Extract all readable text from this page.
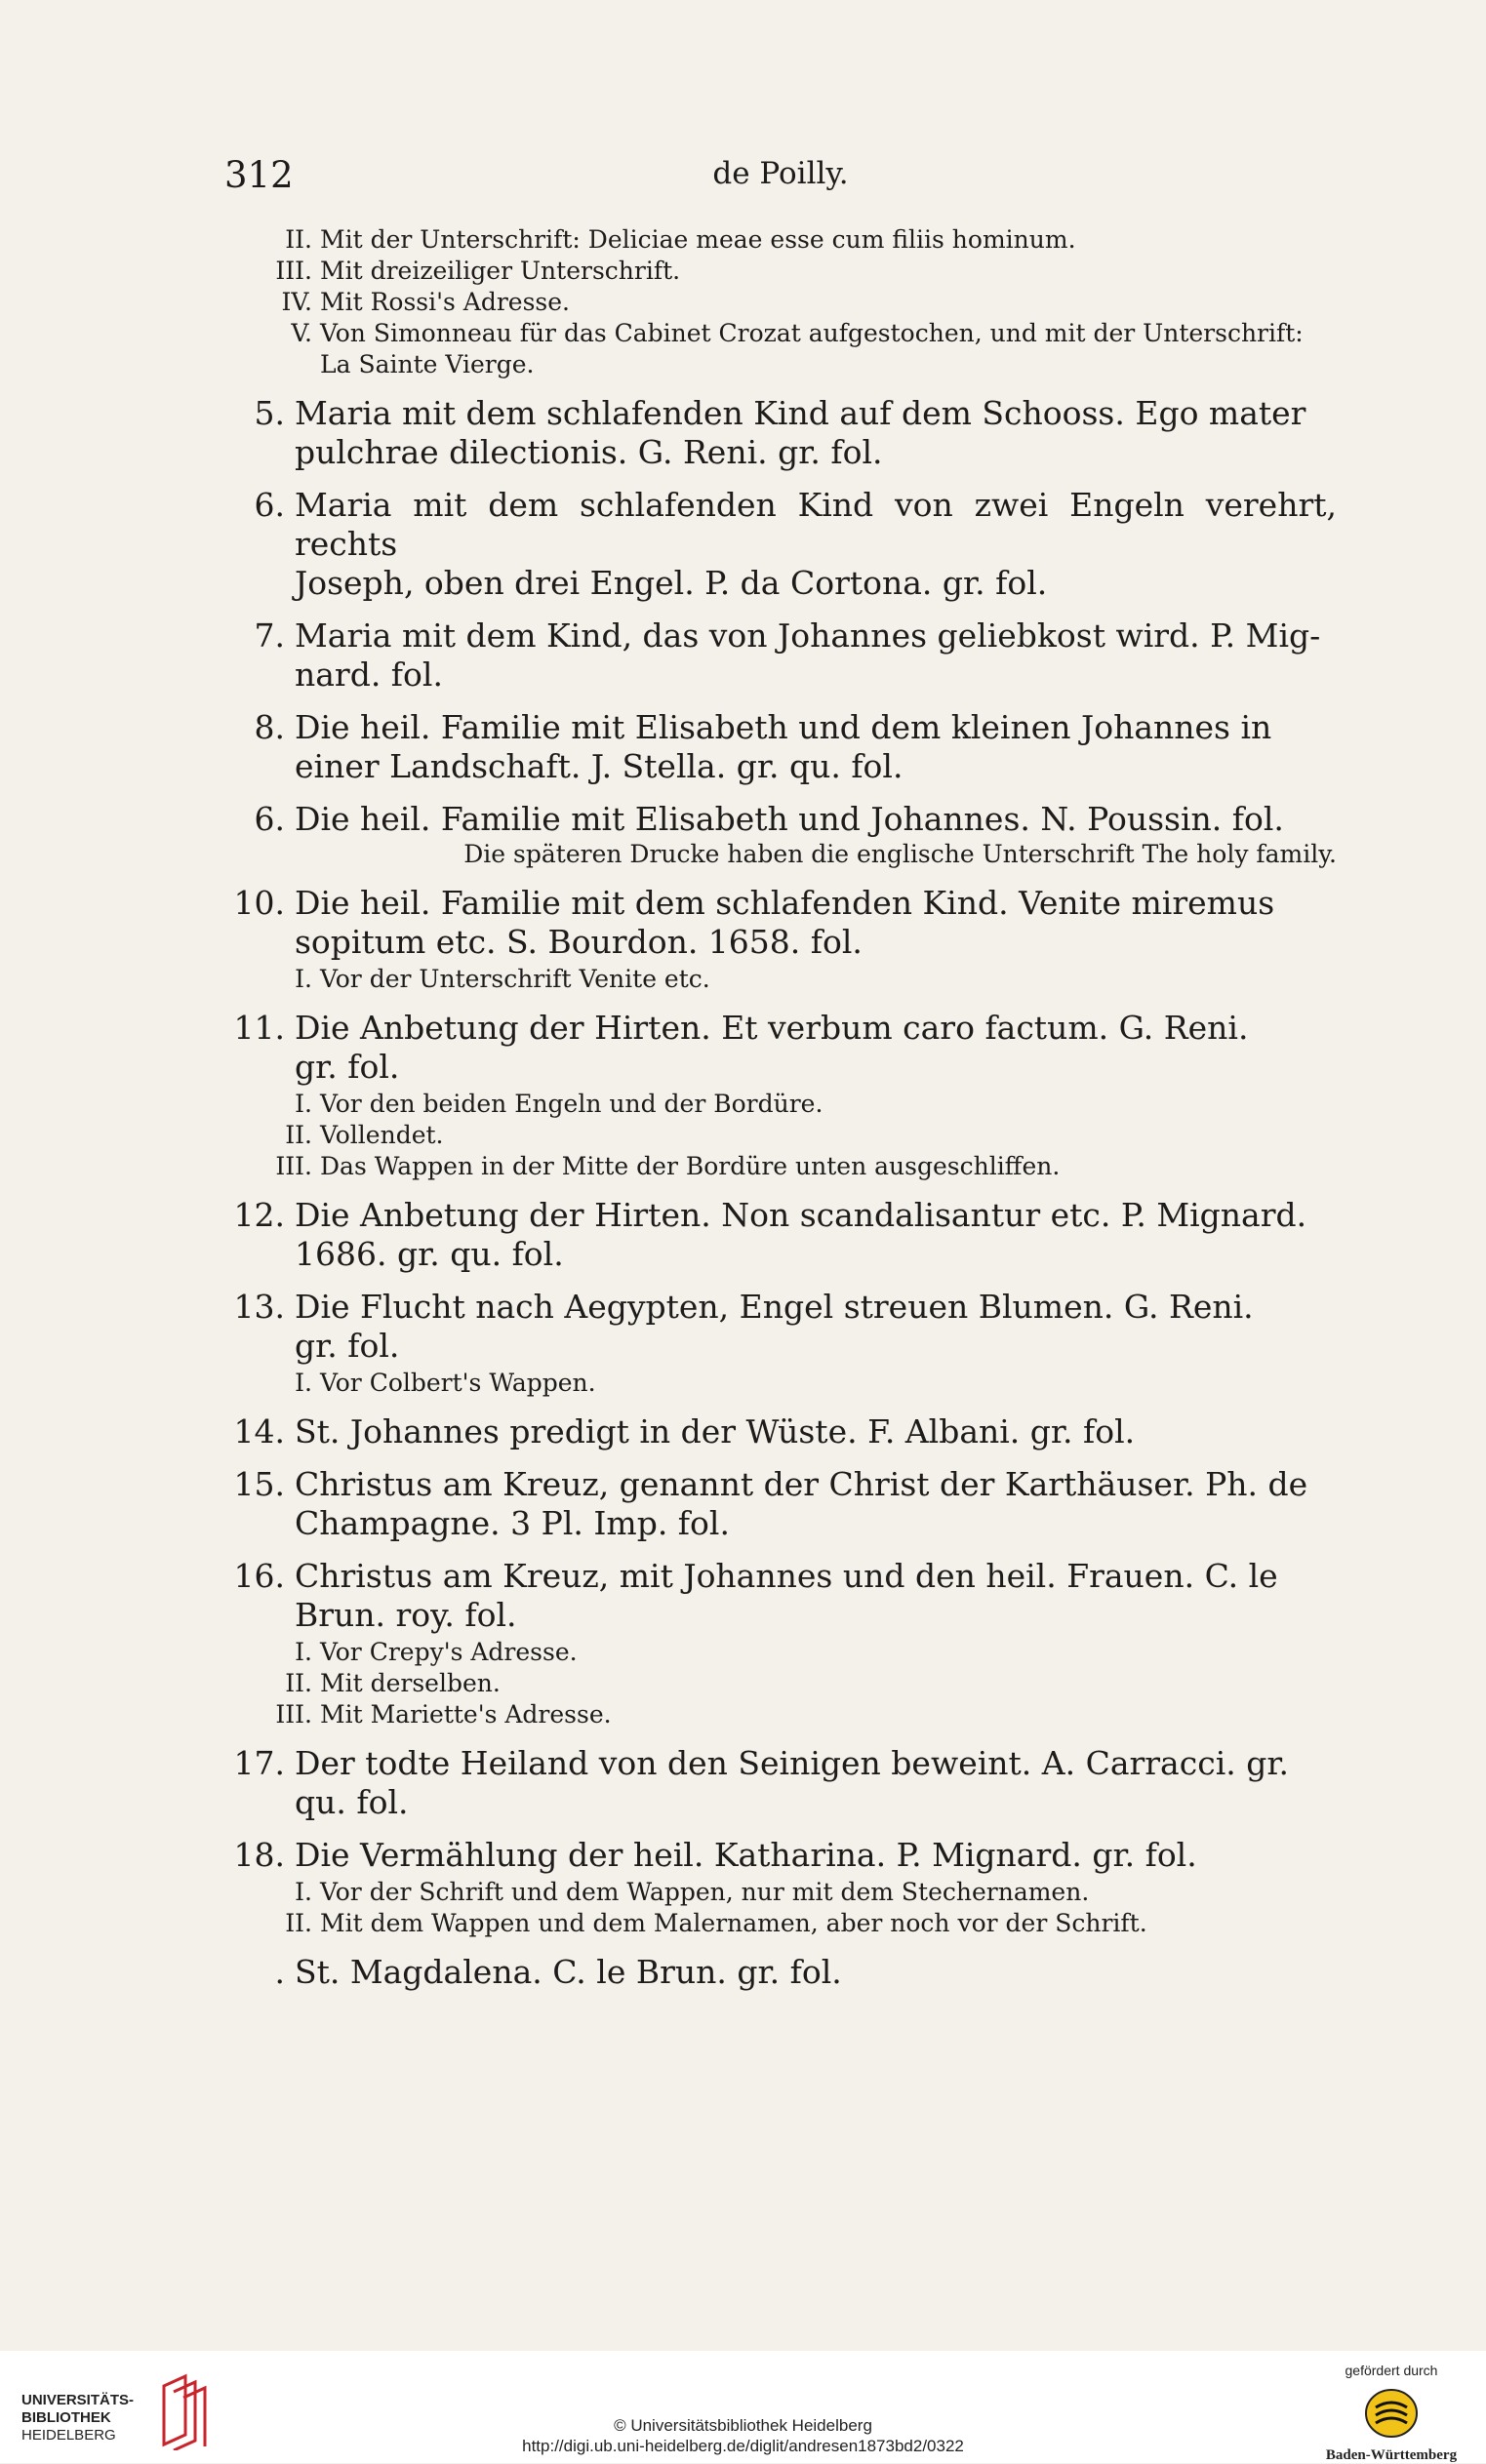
312	de Poilly.
II. Mit der Unterschrift: Deliciae meae esse cum filiis hominum.
III. Mit dreizeiliger Unterschrift.
IV. Mit Rossi's Adresse.
V. Von Simonneau für das Cabinet Crozat aufgestochen, und mit der Unterschrift: La Sainte Vierge.
5. Maria mit dem schlafenden Kind auf dem Schooss. Ego mater
pulchrae dilectionis. G. Reni. gr. fol.
6. Maria mit dem schlafenden Kind von zwei Engeln verehrt, rechts
Joseph, oben drei Engel. P. da Cortona. gr. fol.
7. Maria mit dem Kind, das von Johannes geliebkost wird. P. Mig-
nard. fol.
8. Die heil. Familie mit Elisabeth und dem kleinen Johannes in
einer Landschaft. J. Stella. gr. qu. fol.
6. Die heil. Familie mit Elisabeth und Johannes. N. Poussin. fol.
Die späteren Drucke haben die englische Unterschrift The holy family.
10. Die heil. Familie mit dem schlafenden Kind. Venite miremus
sopitum etc. S. Bourdon. 1658. fol.
I. Vor der Unterschrift Venite etc.
11. Die Anbetung der Hirten. Et verbum caro factum. G. Reni.
gr. fol.
I. Vor den beiden Engeln und der Bordüre.
II. Vollendet.
III. Das Wappen in der Mitte der Bordüre unten ausgeschliffen.
12. Die Anbetung der Hirten. Non scandalisantur etc. P. Mignard.
1686. gr. qu. fol.
13. Die Flucht nach Aegypten, Engel streuen Blumen. G. Reni.
gr. fol.
I. Vor Colbert's Wappen.
14. St. Johannes predigt in der Wüste. F. Albani. gr. fol.
15. Christus am Kreuz, genannt der Christ der Karthäuser. Ph. de
Champagne. 3 Pl. Imp. fol.
16. Christus am Kreuz, mit Johannes und den heil. Frauen. C. le
Brun. roy. fol.
I. Vor Crepy's Adresse.
II. Mit derselben.
III. Mit Mariette's Adresse.
17. Der todte Heiland von den Seinigen beweint. A. Carracci. gr.
qu. fol.
18. Die Vermählung der heil. Katharina. P. Mignard. gr. fol.
I. Vor der Schrift und dem Wappen, nur mit dem Stechernamen.
II. Mit dem Wappen und dem Malernamen, aber noch vor der Schrift.
. St. Magdalena. C. le Brun. gr. fol.
UNIVERSITÄTS-
BIBLIOTHEK
HEIDELBERG
© Universitätsbibliothek Heidelberg
http://digi.ub.uni-heidelberg.de/diglit/andresen1873bd2/0322
gefördert durch
Baden-Württemberg
